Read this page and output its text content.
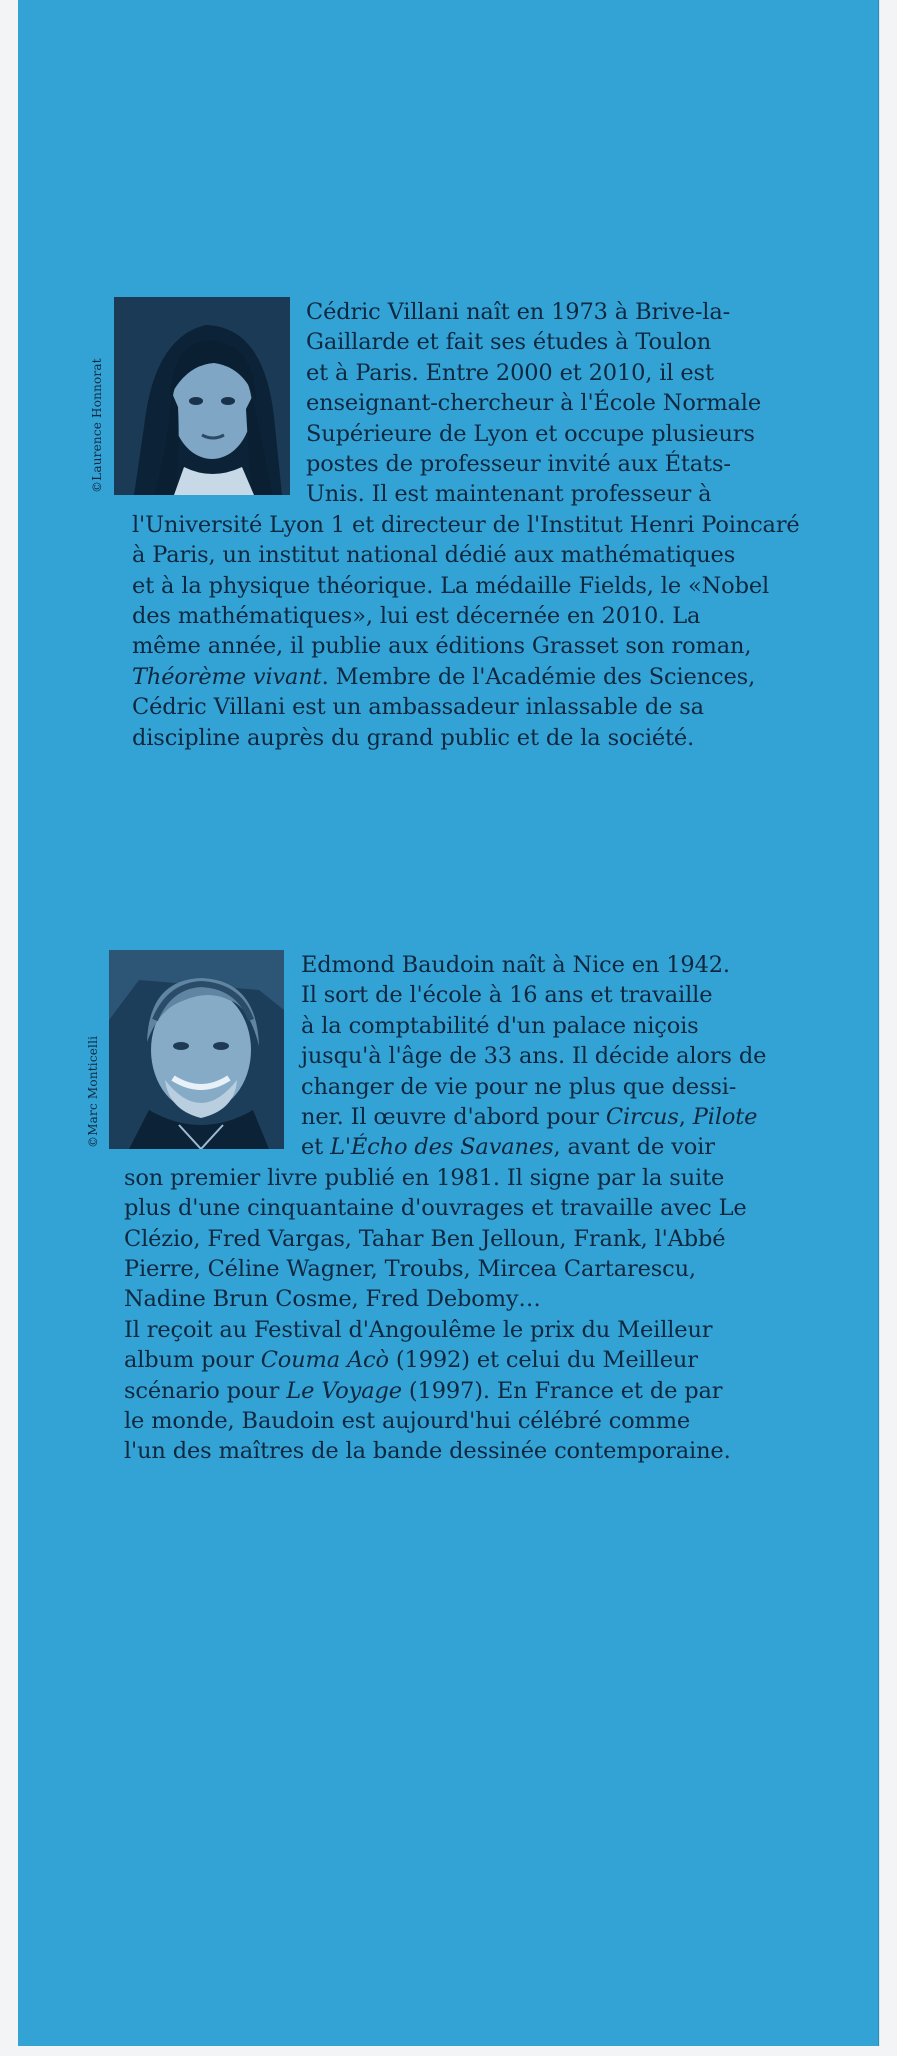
©Laurence Honnorat
Cédric Villani naît en 1973 à Brive-la-
Gaillarde et fait ses études à Toulon
et à Paris. Entre 2000 et 2010, il est
enseignant-chercheur à l'École Normale
Supérieure de Lyon et occupe plusieurs
postes de professeur invité aux États-
Unis. Il est maintenant professeur à
l'Université Lyon 1 et directeur de l'Institut Henri Poincaré
à Paris, un institut national dédié aux mathématiques
et à la physique théorique. La médaille Fields, le «Nobel
des mathématiques», lui est décernée en 2010. La
même année, il publie aux éditions Grasset son roman,
Théorème vivant. Membre de l'Académie des Sciences,
Cédric Villani est un ambassadeur inlassable de sa
discipline auprès du grand public et de la société.
©Marc Monticelli
Edmond Baudoin naît à Nice en 1942.
Il sort de l'école à 16 ans et travaille
à la comptabilité d'un palace niçois
jusqu'à l'âge de 33 ans. Il décide alors de
changer de vie pour ne plus que dessi-
ner. Il œuvre d'abord pour Circus, Pilote
et L'Écho des Savanes, avant de voir
son premier livre publié en 1981. Il signe par la suite
plus d'une cinquantaine d'ouvrages et travaille avec Le
Clézio, Fred Vargas, Tahar Ben Jelloun, Frank, l'Abbé
Pierre, Céline Wagner, Troubs, Mircea Cartarescu,
Nadine Brun Cosme, Fred Debomy…
Il reçoit au Festival d'Angoulême le prix du Meilleur
album pour Couma Acò (1992) et celui du Meilleur
scénario pour Le Voyage (1997). En France et de par
le monde, Baudoin est aujourd'hui célébré comme
l'un des maîtres de la bande dessinée contemporaine.
